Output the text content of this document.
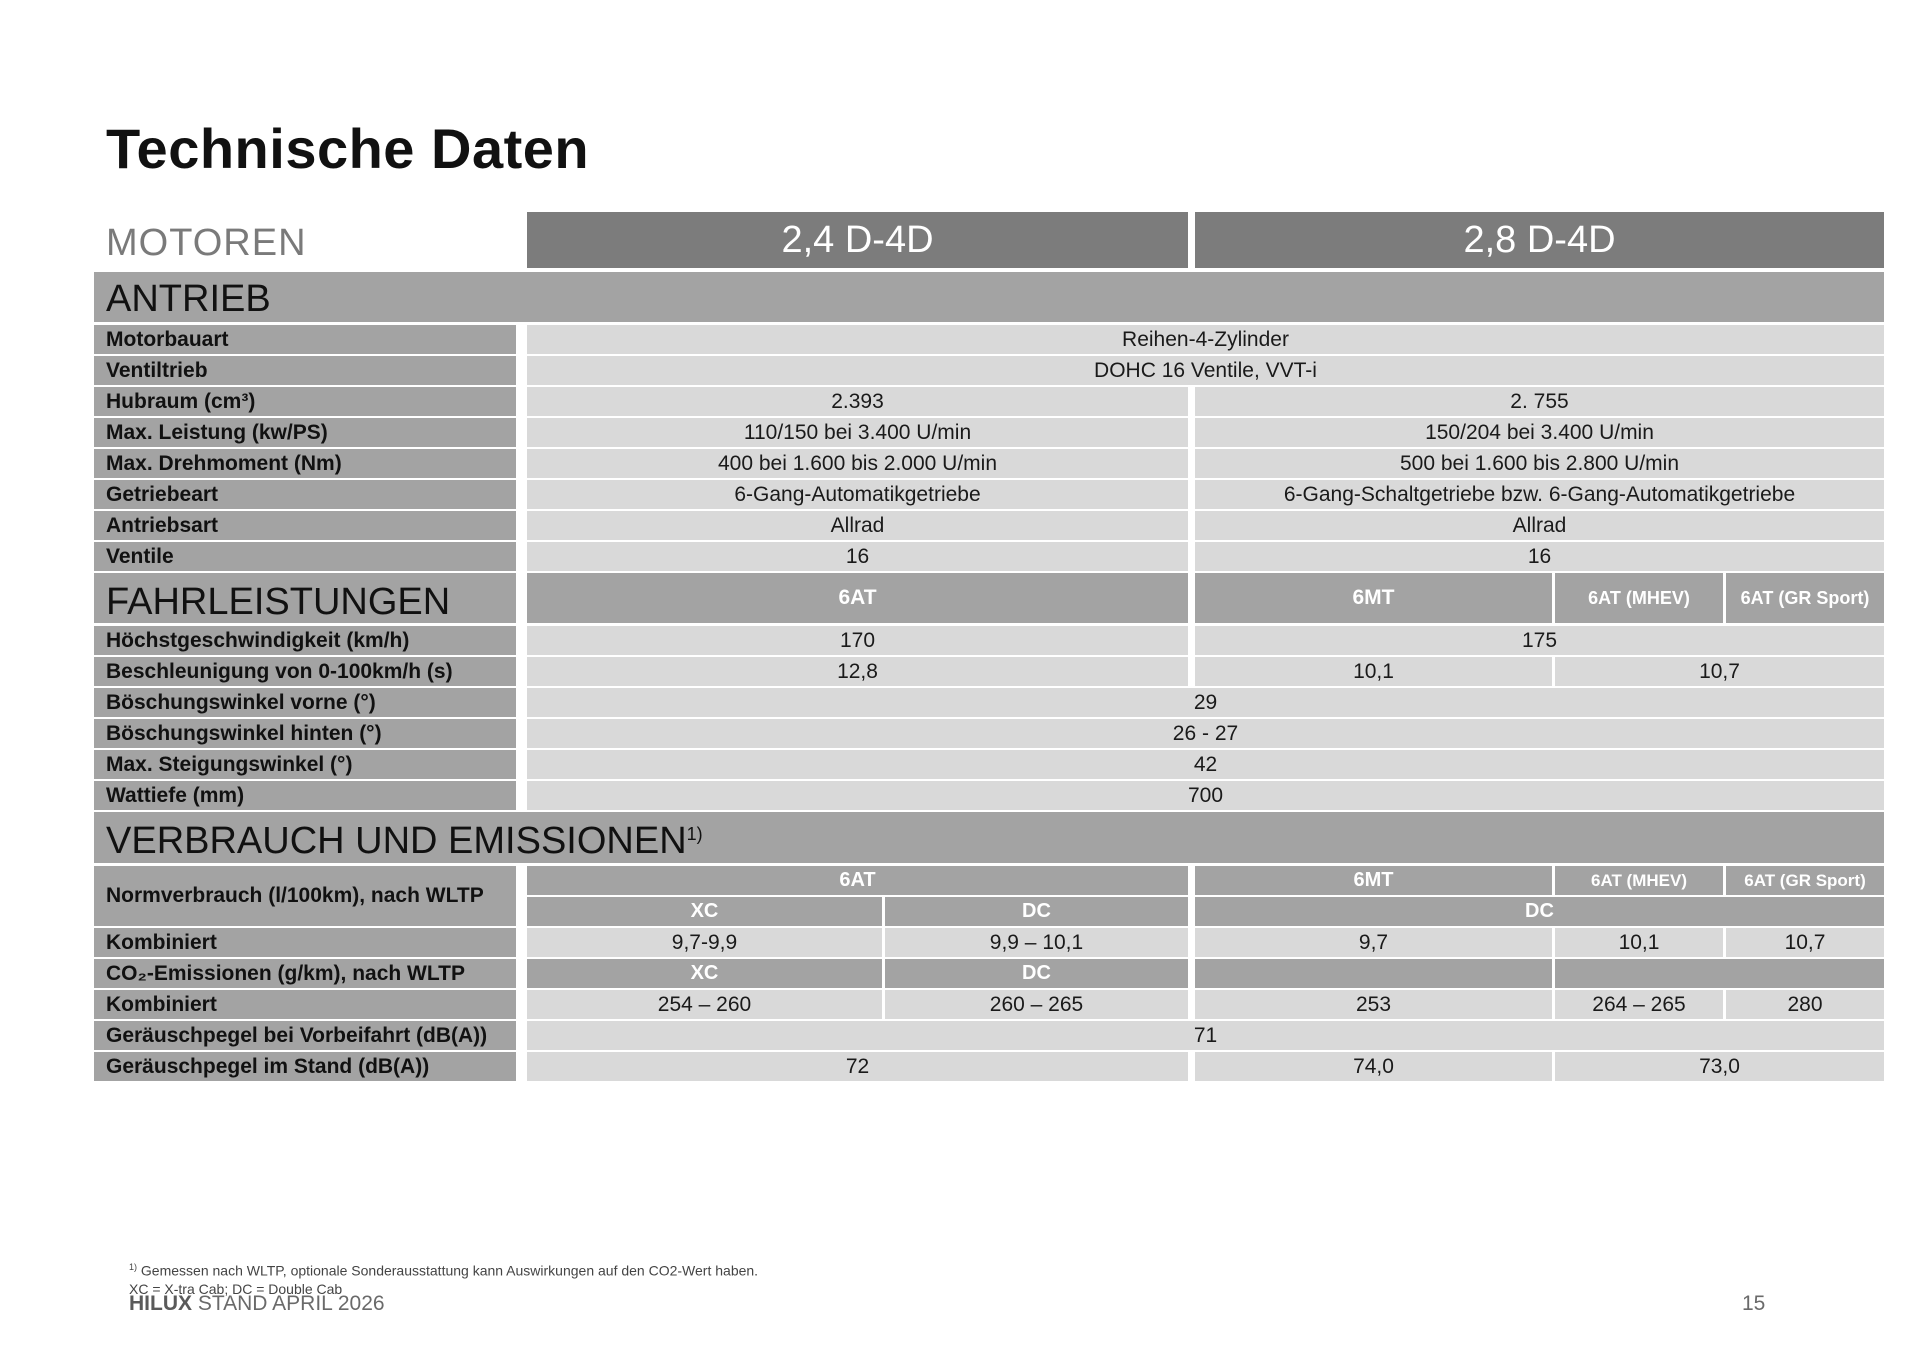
Technische Daten
MOTOREN	2,4 D-4D	2,8 D-4D
ANTRIEB
Motorbauart	Reihen-4-Zylinder
Ventiltrieb	DOHC 16 Ventile, VVT-i
Hubraum (cm³)	2.393	2. 755
Max. Leistung (kw/PS)	110/150 bei 3.400 U/min	150/204 bei 3.400 U/min
Max. Drehmoment (Nm)	400 bei 1.600 bis 2.000 U/min	500 bei 1.600 bis 2.800 U/min
Getriebeart	6-Gang-Automatikgetriebe	6-Gang-Schaltgetriebe bzw. 6-Gang-Automatikgetriebe
Antriebsart	Allrad	Allrad
Ventile	16	16
FAHRLEISTUNGEN	6AT	6MT	6AT (MHEV)	6AT (GR Sport)
Höchstgeschwindigkeit (km/h)	170	175
Beschleunigung von 0-100km/h (s)	12,8	10,1	10,7
Böschungswinkel vorne (°)	29
Böschungswinkel hinten (°)	26 - 27
Max. Steigungswinkel (°)	42
Wattiefe (mm)	700
VERBRAUCH UND EMISSIONEN$^{1)}$
Normverbrauch (l/100km), nach WLTP
6AT	6MT	6AT (MHEV)	6AT (GR Sport)
XC	DC	DC
Kombiniert	9,7-9,9	9,9 – 10,1	9,7	10,1	10,7
CO₂-Emissionen (g/km), nach WLTP	XC	DC
Kombiniert	254 – 260	260 – 265	253	264 – 265	280
Geräuschpegel bei Vorbeifahrt (dB(A))	71
Geräuschpegel im Stand (dB(A))	72	74,0	73,0
$^{1)}$ Gemessen nach WLTP, optionale Sonderausstattung kann Auswirkungen auf den CO2-Wert haben.
XC = X-tra Cab; DC = Double Cab
HILUX STAND APRIL 2026	15
